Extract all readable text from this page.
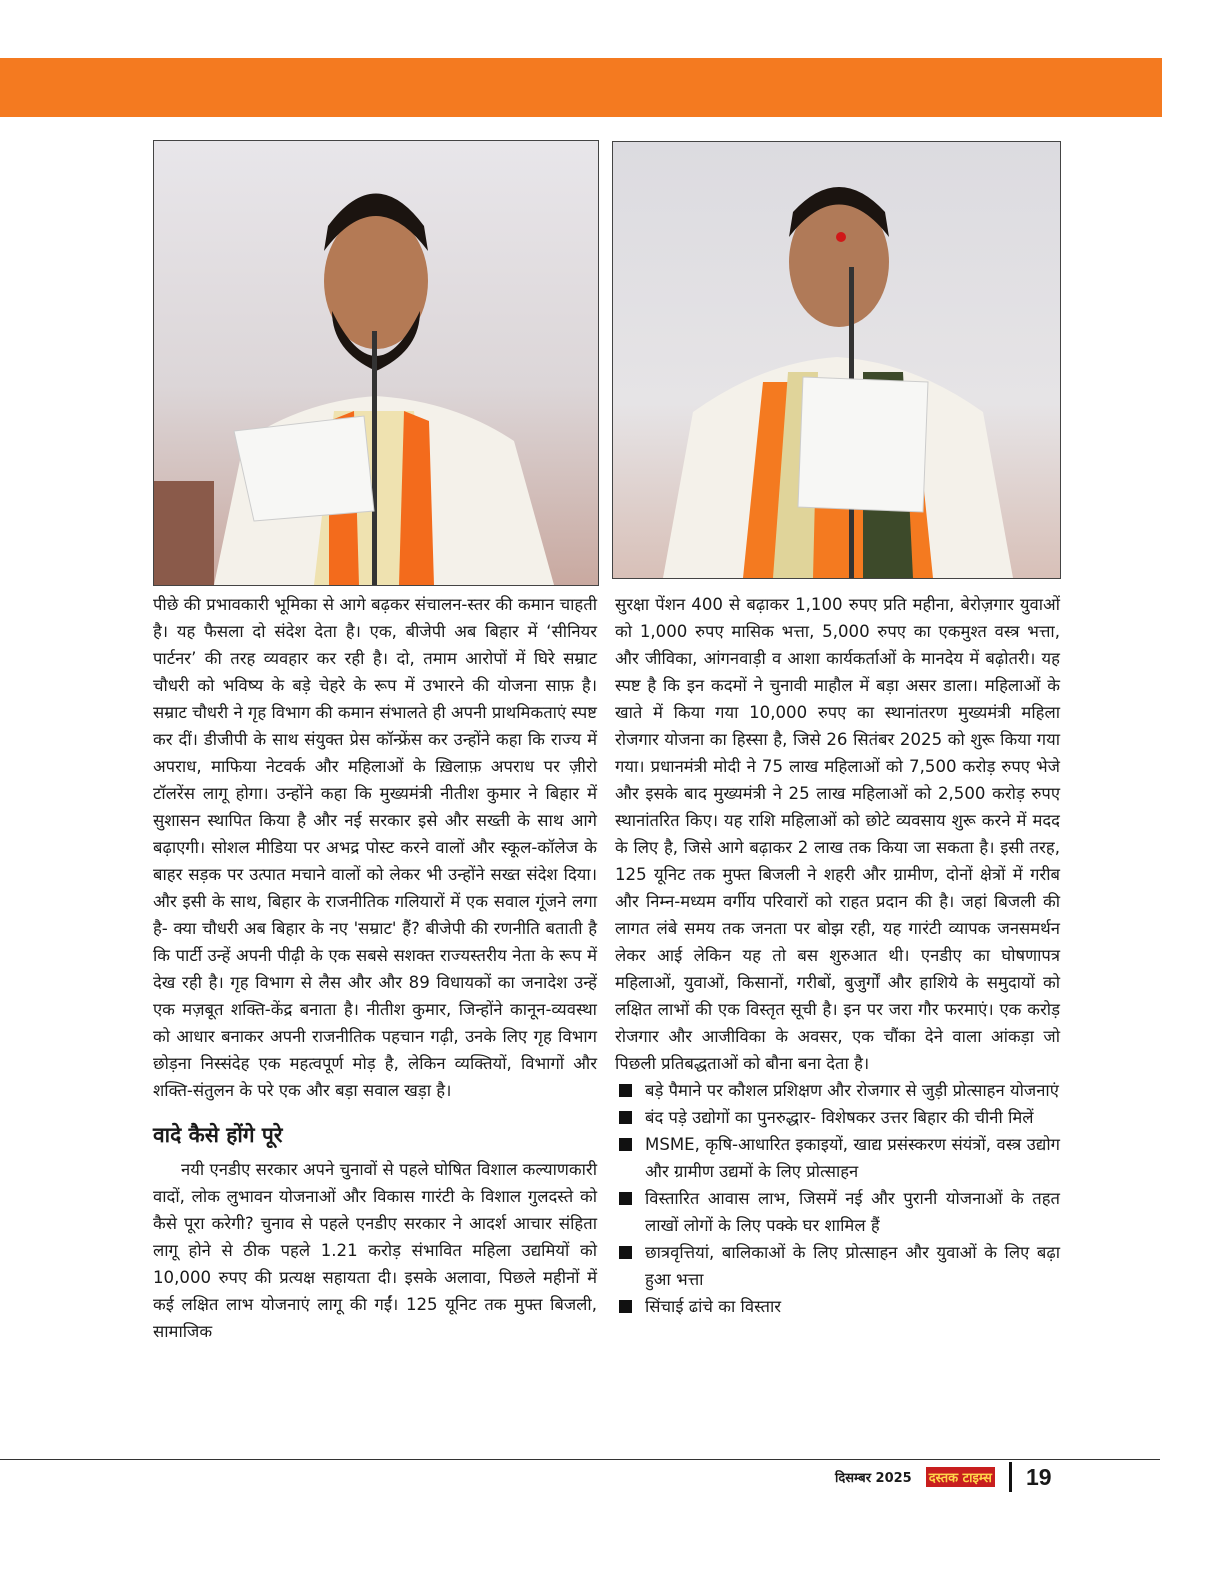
पीछे की प्रभावकारी भूमिका से आगे बढ़कर संचालन-स्तर की कमान चाहती है। यह फैसला दो संदेश देता है। एक, बीजेपी अब बिहार में ‘सीनियर पार्टनर’ की तरह व्यवहार कर रही है। दो, तमाम आरोपों में घिरे सम्राट चौधरी को भविष्य के बड़े चेहरे के रूप में उभारने की योजना साफ़ है। सम्राट चौधरी ने गृह विभाग की कमान संभालते ही अपनी प्राथमिकताएं स्पष्ट कर दीं। डीजीपी के साथ संयुक्त प्रेस कॉन्फ्रेंस कर उन्होंने कहा कि राज्य में अपराध, माफिया नेटवर्क और महिलाओं के ख़िलाफ़ अपराध पर ज़ीरो टॉलरेंस लागू होगा। उन्होंने कहा कि मुख्यमंत्री नीतीश कुमार ने बिहार में सुशासन स्थापित किया है और नई सरकार इसे और सख्ती के साथ आगे बढ़ाएगी। सोशल मीडिया पर अभद्र पोस्ट करने वालों और स्कूल-कॉलेज के बाहर सड़क पर उत्पात मचाने वालों को लेकर भी उन्होंने सख्त संदेश दिया। और इसी के साथ, बिहार के राजनीतिक गलियारों में एक सवाल गूंजने लगा है- क्या चौधरी अब बिहार के नए 'सम्राट' हैं? बीजेपी की रणनीति बताती है कि पार्टी उन्हें अपनी पीढ़ी के एक सबसे सशक्त राज्यस्तरीय नेता के रूप में देख रही है। गृह विभाग से लैस और और 89 विधायकों का जनादेश उन्हें एक मज़बूत शक्ति-केंद्र बनाता है। नीतीश कुमार, जिन्होंने कानून-व्यवस्था को आधार बनाकर अपनी राजनीतिक पहचान गढ़ी, उनके लिए गृह विभाग छोड़ना निस्संदेह एक महत्वपूर्ण मोड़ है, लेकिन व्यक्तियों, विभागों और शक्ति-संतुलन के परे एक और बड़ा सवाल खड़ा है।

वादे कैसे होंगे पूरे

नयी एनडीए सरकार अपने चुनावों से पहले घोषित विशाल कल्याणकारी वादों, लोक लुभावन योजनाओं और विकास गारंटी के विशाल गुलदस्ते को कैसे पूरा करेगी? चुनाव से पहले एनडीए सरकार ने आदर्श आचार संहिता लागू होने से ठीक पहले 1.21 करोड़ संभावित महिला उद्यमियों को 10,000 रुपए की प्रत्यक्ष सहायता दी। इसके अलावा, पिछले महीनों में कई लक्षित लाभ योजनाएं लागू की गईं। 125 यूनिट तक मुफ्त बिजली, सामाजिक

सुरक्षा पेंशन 400 से बढ़ाकर 1,100 रुपए प्रति महीना, बेरोज़गार युवाओं को 1,000 रुपए मासिक भत्ता, 5,000 रुपए का एकमुश्त वस्त्र भत्ता, और जीविका, आंगनवाड़ी व आशा कार्यकर्ताओं के मानदेय में बढ़ोतरी। यह स्पष्ट है कि इन कदमों ने चुनावी माहौल में बड़ा असर डाला। महिलाओं के खाते में किया गया 10,000 रुपए का स्थानांतरण मुख्यमंत्री महिला रोजगार योजना का हिस्सा है, जिसे 26 सितंबर 2025 को शुरू किया गया गया। प्रधानमंत्री मोदी ने 75 लाख महिलाओं को 7,500 करोड़ रुपए भेजे और इसके बाद मुख्यमंत्री ने 25 लाख महिलाओं को 2,500 करोड़ रुपए स्थानांतरित किए। यह राशि महिलाओं को छोटे व्यवसाय शुरू करने में मदद के लिए है, जिसे आगे बढ़ाकर 2 लाख तक किया जा सकता है। इसी तरह, 125 यूनिट तक मुफ्त बिजली ने शहरी और ग्रामीण, दोनों क्षेत्रों में गरीब और निम्न-मध्यम वर्गीय परिवारों को राहत प्रदान की है। जहां बिजली की लागत लंबे समय तक जनता पर बोझ रही, यह गारंटी व्यापक जनसमर्थन लेकर आई लेकिन यह तो बस शुरुआत थी। एनडीए का घोषणापत्र महिलाओं, युवाओं, किसानों, गरीबों, बुजुर्गों और हाशिये के समुदायों को लक्षित लाभों की एक विस्तृत सूची है। इन पर जरा गौर फरमाएं। एक करोड़ रोजगार और आजीविका के अवसर, एक चौंका देने वाला आंकड़ा जो पिछली प्रतिबद्धताओं को बौना बना देता है।

बड़े पैमाने पर कौशल प्रशिक्षण और रोजगार से जुड़ी प्रोत्साहन योजनाएं
बंद पड़े उद्योगों का पुनरुद्धार- विशेषकर उत्तर बिहार की चीनी मिलें
MSME, कृषि-आधारित इकाइयों, खाद्य प्रसंस्करण संयंत्रों, वस्त्र उद्योग और ग्रामीण उद्यमों के लिए प्रोत्साहन
विस्तारित आवास लाभ, जिसमें नई और पुरानी योजनाओं के तहत लाखों लोगों के लिए पक्के घर शामिल हैं
छात्रवृत्तियां, बालिकाओं के लिए प्रोत्साहन और युवाओं के लिए बढ़ा हुआ भत्ता
सिंचाई ढांचे का विस्तार
दिसम्बर 2025 दस्तक टाइम्स 19
